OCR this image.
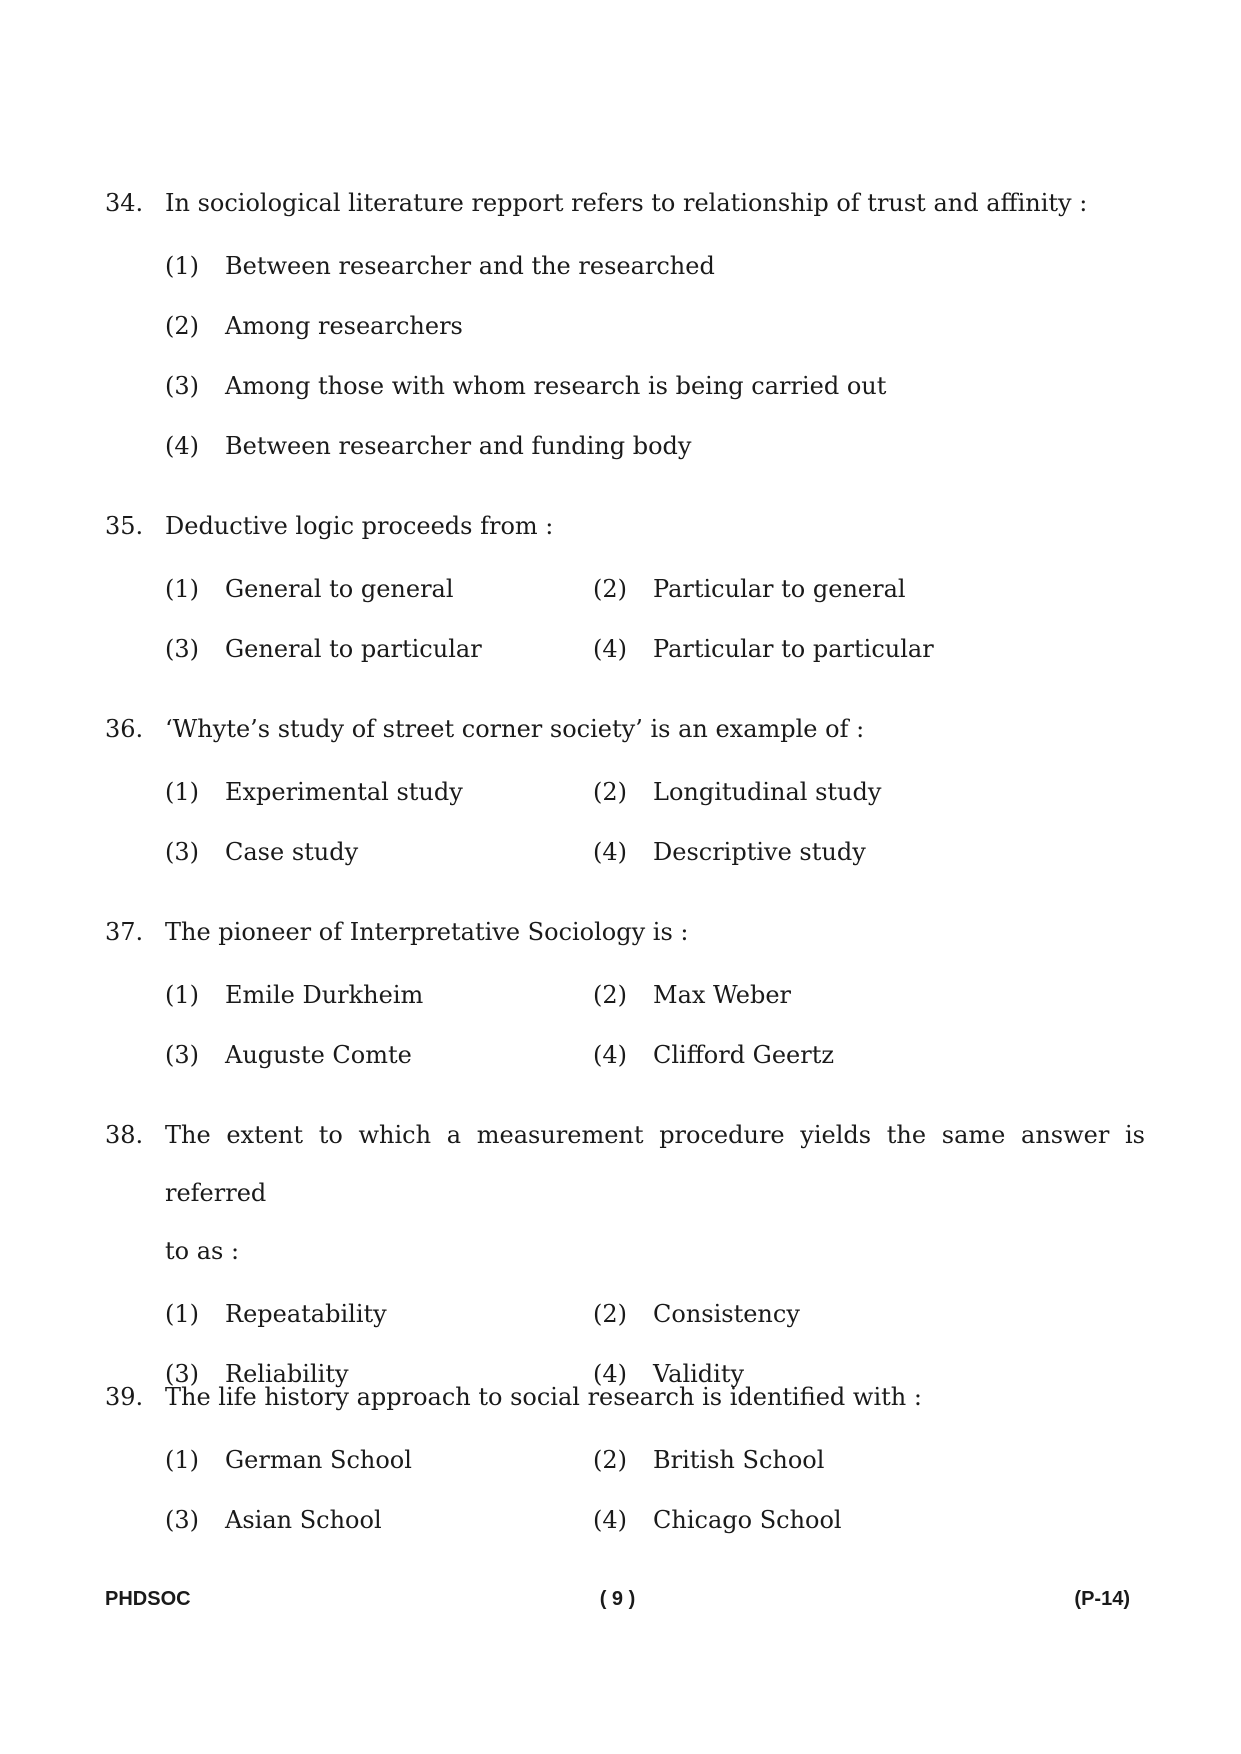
34. In sociological literature repport refers to relationship of trust and affinity :
(1)	Between researcher and the researched
(2)	Among researchers
(3)	Among those with whom research is being carried out
(4)	Between researcher and funding body
35. Deductive logic proceeds from :
(1)	General to general	(2)	Particular to general
(3)	General to particular	(4)	Particular to particular
36. ‘Whyte’s study of street corner society’ is an example of :
(1)	Experimental study	(2)	Longitudinal study
(3)	Case study	(4)	Descriptive study
37. The pioneer of Interpretative Sociology is :
(1)	Emile Durkheim	(2)	Max Weber
(3)	Auguste Comte	(4)	Clifford Geertz
38. The extent to which a measurement procedure yields the same answer is referred
to as :
(1)	Repeatability	(2)	Consistency
(3)	Reliability	(4)	Validity
39. The life history approach to social research is identified with :
(1)	German School	(2)	British School
(3)	Asian School	(4)	Chicago School
PHDSOC	( 9 )	(P-14)
